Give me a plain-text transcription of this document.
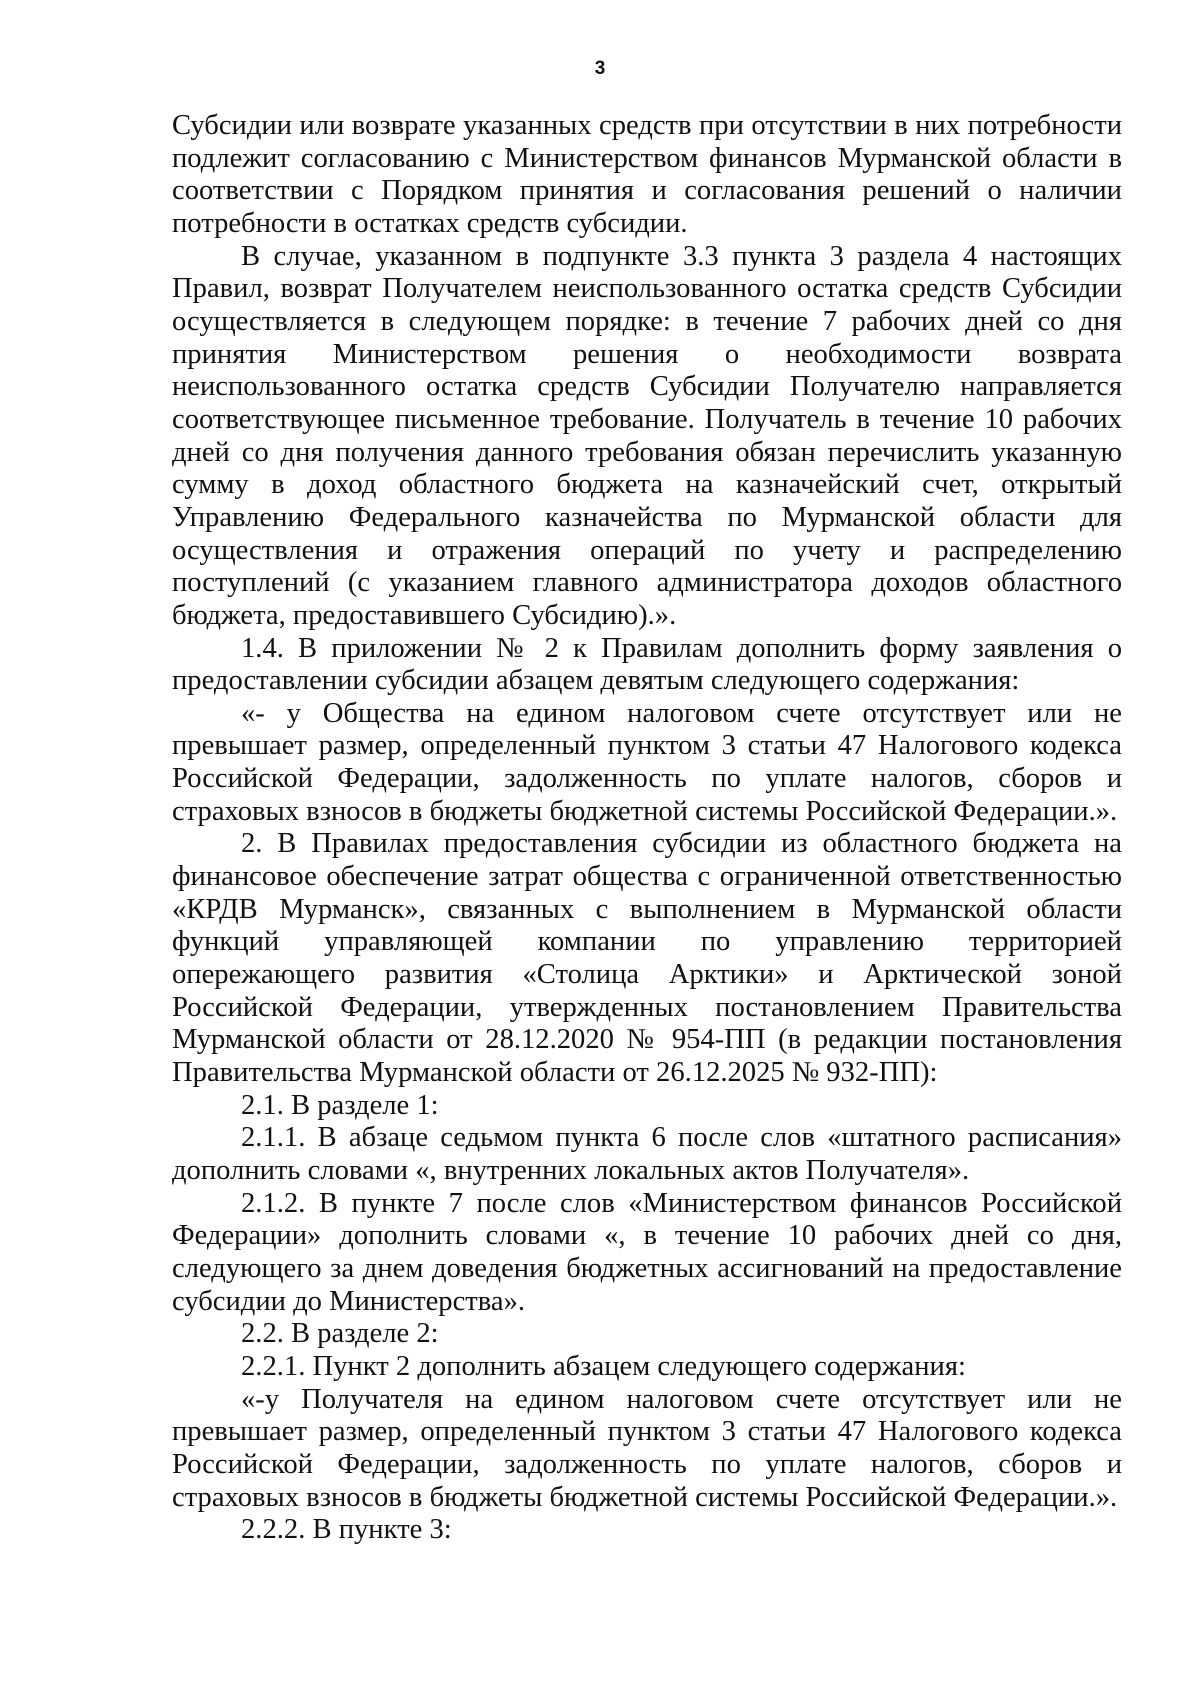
3

Субсидии или возврате указанных средств при отсутствии в них потребности подлежит согласованию с Министерством финансов Мурманской области в соответствии с Порядком принятия и согласования решений о наличии потребности в остатках средств субсидии.

В случае, указанном в подпункте 3.3 пункта 3 раздела 4 настоящих Правил, возврат Получателем неиспользованного остатка средств Субсидии осуществляется в следующем порядке: в течение 7 рабочих дней со дня принятия Министерством решения о необходимости возврата неиспользованного остатка средств Субсидии Получателю направляется соответствующее письменное требование. Получатель в течение 10 рабочих дней со дня получения данного требования обязан перечислить указанную сумму в доход областного бюджета на казначейский счет, открытый Управлению Федерального казначейства по Мурманской области для осуществления и отражения операций по учету и распределению поступлений (с указанием главного администратора доходов областного бюджета, предоставившего Субсидию).».

1.4. В приложении № 2 к Правилам дополнить форму заявления о предоставлении субсидии абзацем девятым следующего содержания:

«- у Общества на едином налоговом счете отсутствует или не превышает размер, определенный пунктом 3 статьи 47 Налогового кодекса Российской Федерации, задолженность по уплате налогов, сборов и страховых взносов в бюджеты бюджетной системы Российской Федерации.».

2. В Правилах предоставления субсидии из областного бюджета на финансовое обеспечение затрат общества с ограниченной ответственностью «КРДВ Мурманск», связанных с выполнением в Мурманской области функций управляющей компании по управлению территорией опережающего развития «Столица Арктики» и Арктической зоной Российской Федерации, утвержденных постановлением Правительства Мурманской области от 28.12.2020 № 954-ПП (в редакции постановления Правительства Мурманской области от 26.12.2025 № 932-ПП):

2.1. В разделе 1:

2.1.1. В абзаце седьмом пункта 6 после слов «штатного расписания» дополнить словами «, внутренних локальных актов Получателя».

2.1.2. В пункте 7 после слов «Министерством финансов Российской Федерации» дополнить словами «, в течение 10 рабочих дней со дня, следующего за днем доведения бюджетных ассигнований на предоставление субсидии до Министерства».

2.2. В разделе 2:

2.2.1. Пункт 2 дополнить абзацем следующего содержания:

«-у Получателя на едином налоговом счете отсутствует или не превышает размер, определенный пунктом 3 статьи 47 Налогового кодекса Российской Федерации, задолженность по уплате налогов, сборов и страховых взносов в бюджеты бюджетной системы Российской Федерации.».

2.2.2. В пункте 3:
